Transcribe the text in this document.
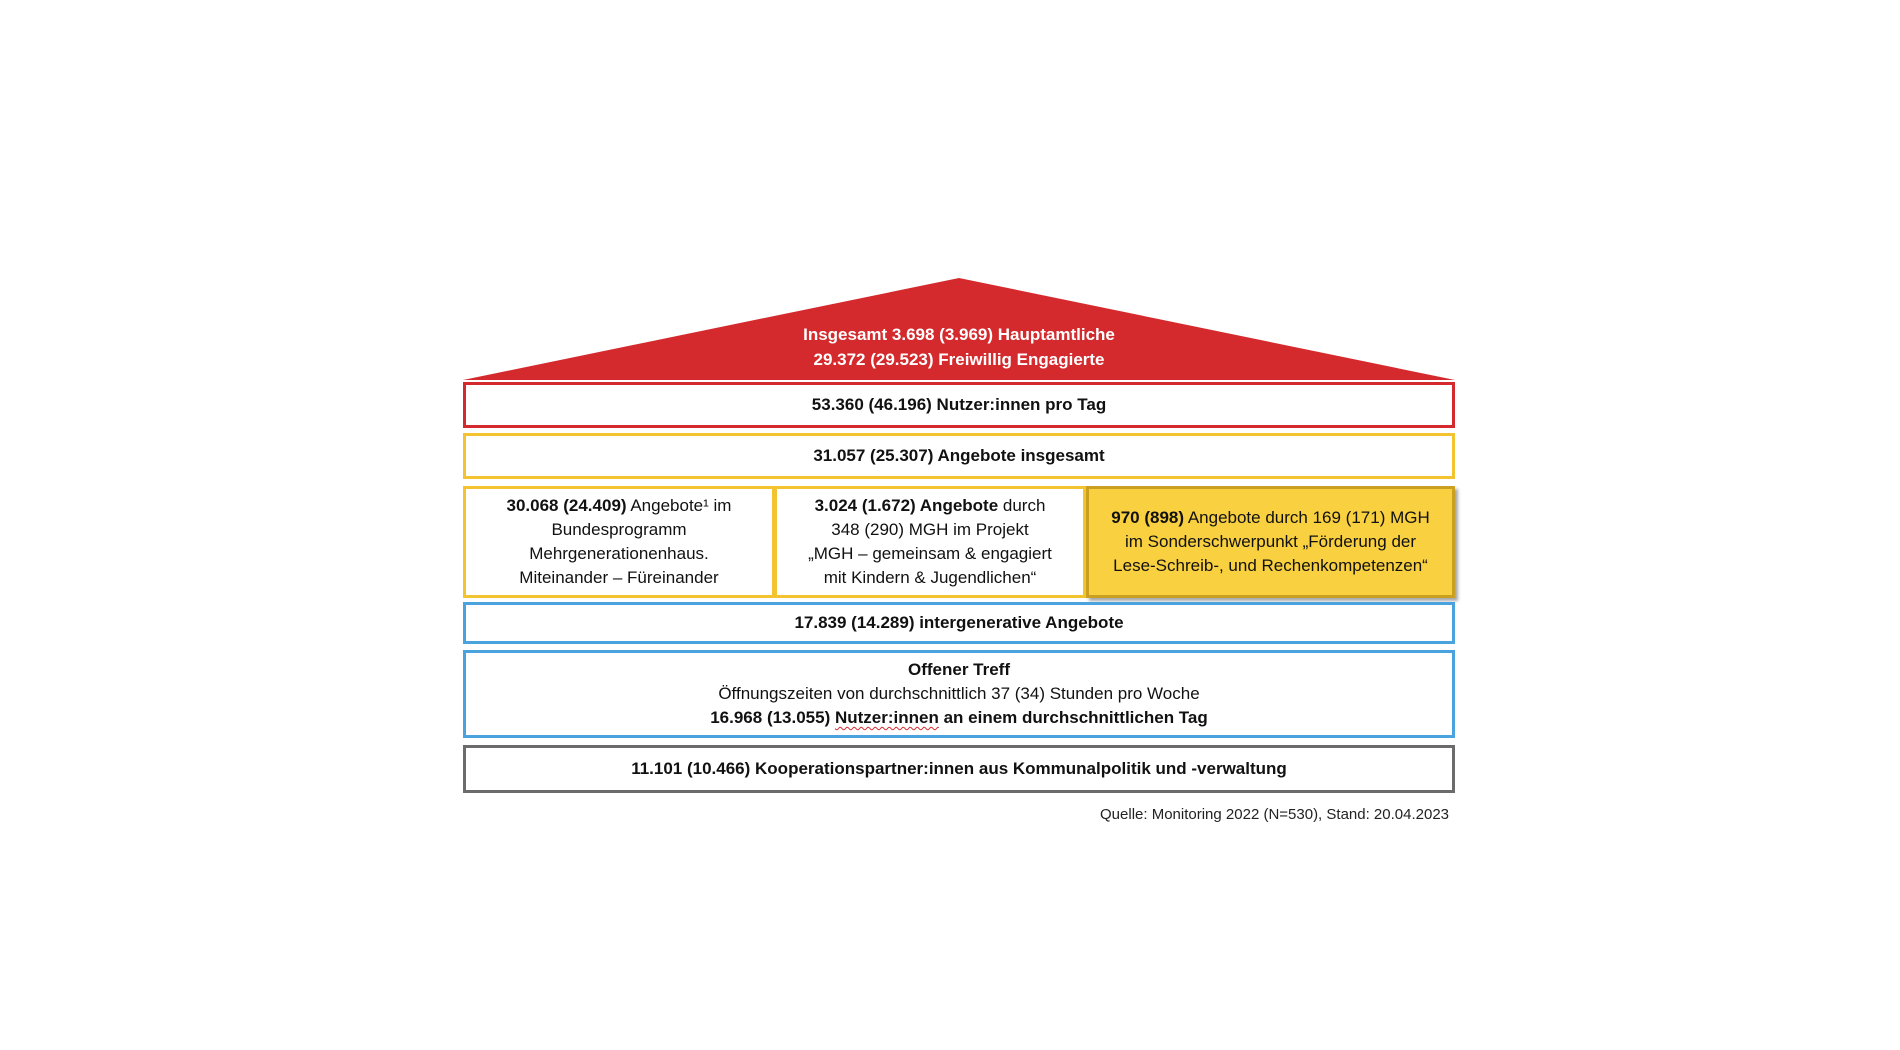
Insgesamt 3.698 (3.969) Hauptamtliche
29.372 (29.523) Freiwillig Engagierte
53.360 (46.196) Nutzer:innen pro Tag
31.057 (25.307) Angebote insgesamt
30.068 (24.409) Angebote¹ im
Bundesprogramm
Mehrgenerationenhaus.
Miteinander – Füreinander
3.024 (1.672) Angebote durch
348 (290) MGH im Projekt
„MGH – gemeinsam & engagiert
mit Kindern & Jugendlichen“
970 (898) Angebote durch 169 (171) MGH
im Sonderschwerpunkt „Förderung der
Lese-Schreib-, und Rechenkompetenzen“
17.839 (14.289) intergenerative Angebote
Offener Treff
Öffnungszeiten von durchschnittlich 37 (34) Stunden pro Woche
16.968 (13.055) Nutzer:innen an einem durchschnittlichen Tag
11.101 (10.466) Kooperationspartner:innen aus Kommunalpolitik und -verwaltung
Quelle: Monitoring 2022 (N=530), Stand: 20.04.2023
